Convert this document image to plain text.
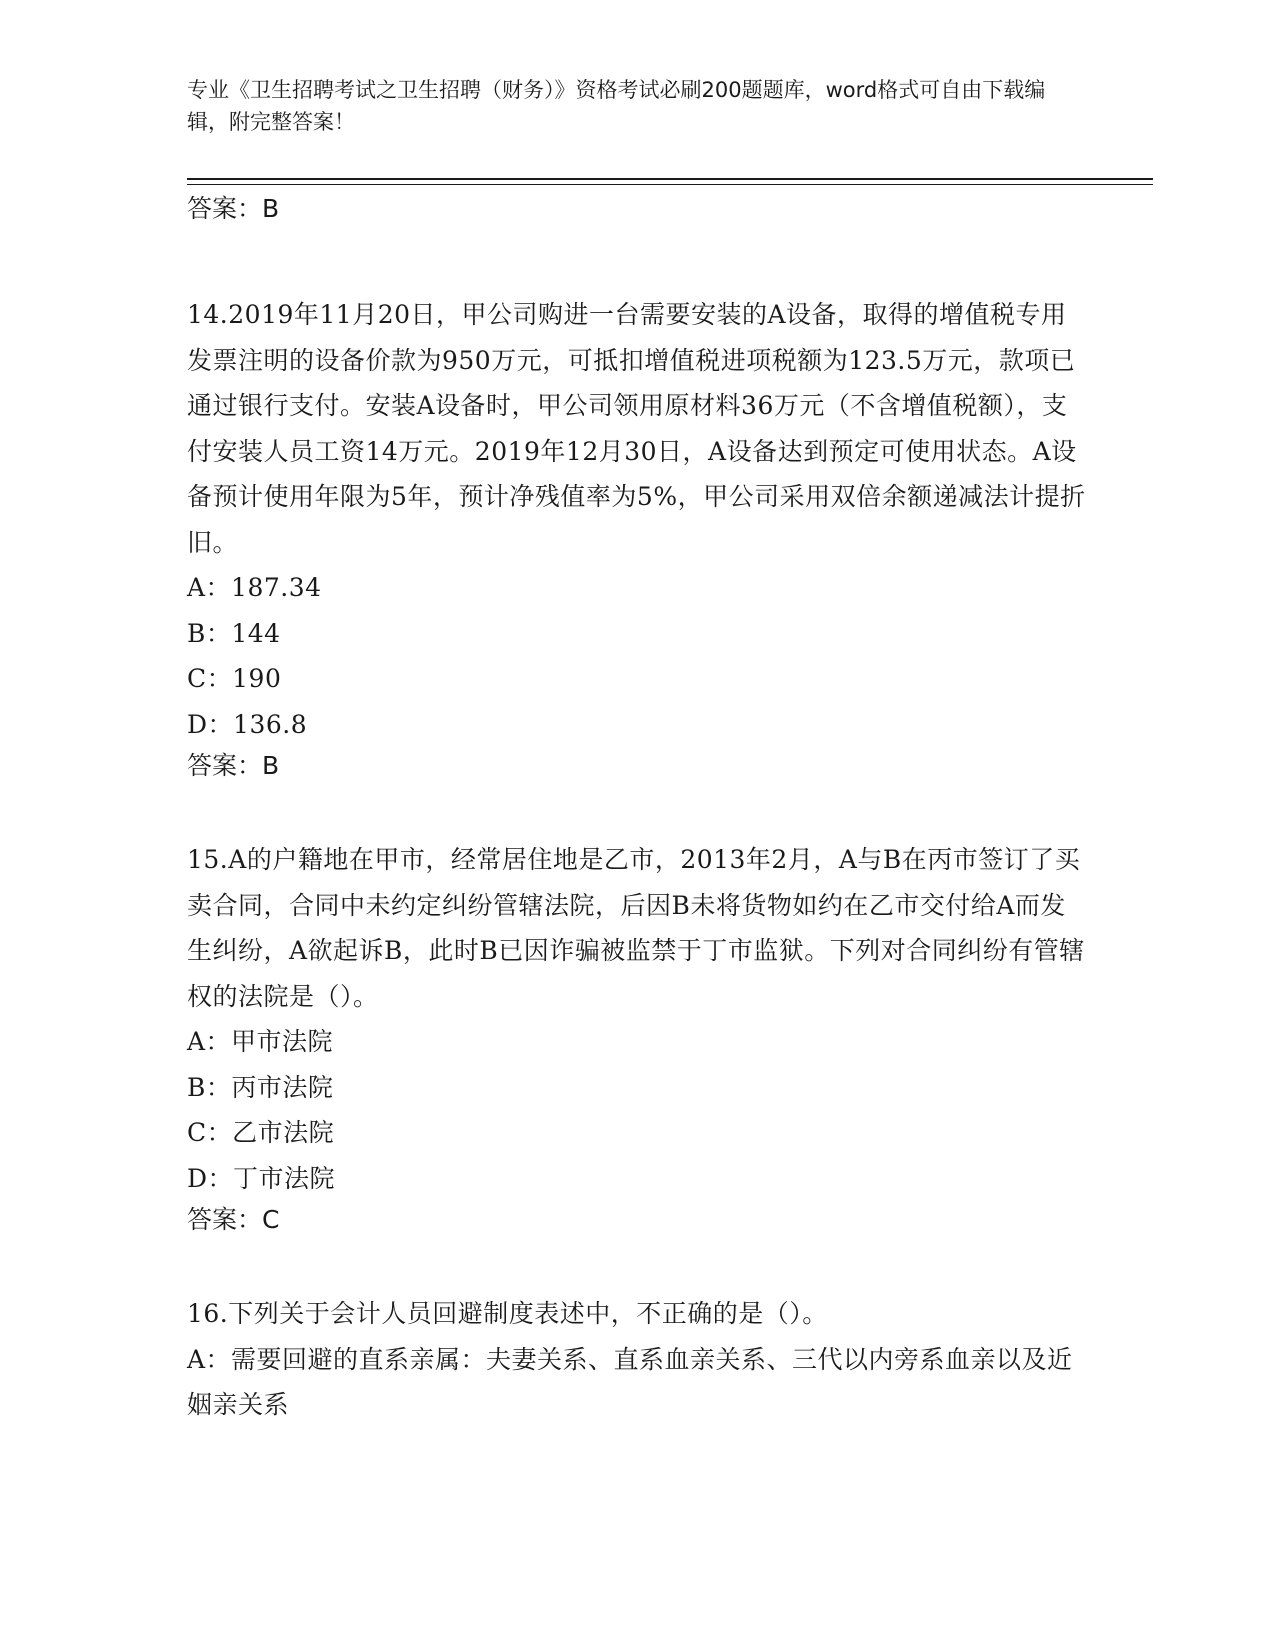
专业《卫生招聘考试之卫生招聘（财务）》资格考试必刷200题题库，word格式可自由下载编辑，附完整答案！
答案：B

14.2019年11月20日，甲公司购进一台需要安装的A设备，取得的增值税专用发票注明的设备价款为950万元，可抵扣增值税进项税额为123.5万元，款项已通过银行支付。安装A设备时，甲公司领用原材料36万元（不含增值税额），支付安装人员工资14万元。2019年12月30日，A设备达到预定可使用状态。A设备预计使用年限为5年，预计净残值率为5%，甲公司采用双倍余额递减法计提折旧。

A：187.34

B：144

C：190

D：136.8

答案：B

15.A的户籍地在甲市，经常居住地是乙市，2013年2月，A与B在丙市签订了买卖合同，合同中未约定纠纷管辖法院，后因B未将货物如约在乙市交付给A而发生纠纷，A欲起诉B，此时B已因诈骗被监禁于丁市监狱。下列对合同纠纷有管辖权的法院是（）。

A：甲市法院

B：丙市法院

C：乙市法院

D：丁市法院

答案：C

16.下列关于会计人员回避制度表述中，不正确的是（）。

A：需要回避的直系亲属：夫妻关系、直系血亲关系、三代以内旁系血亲以及近姻亲关系
